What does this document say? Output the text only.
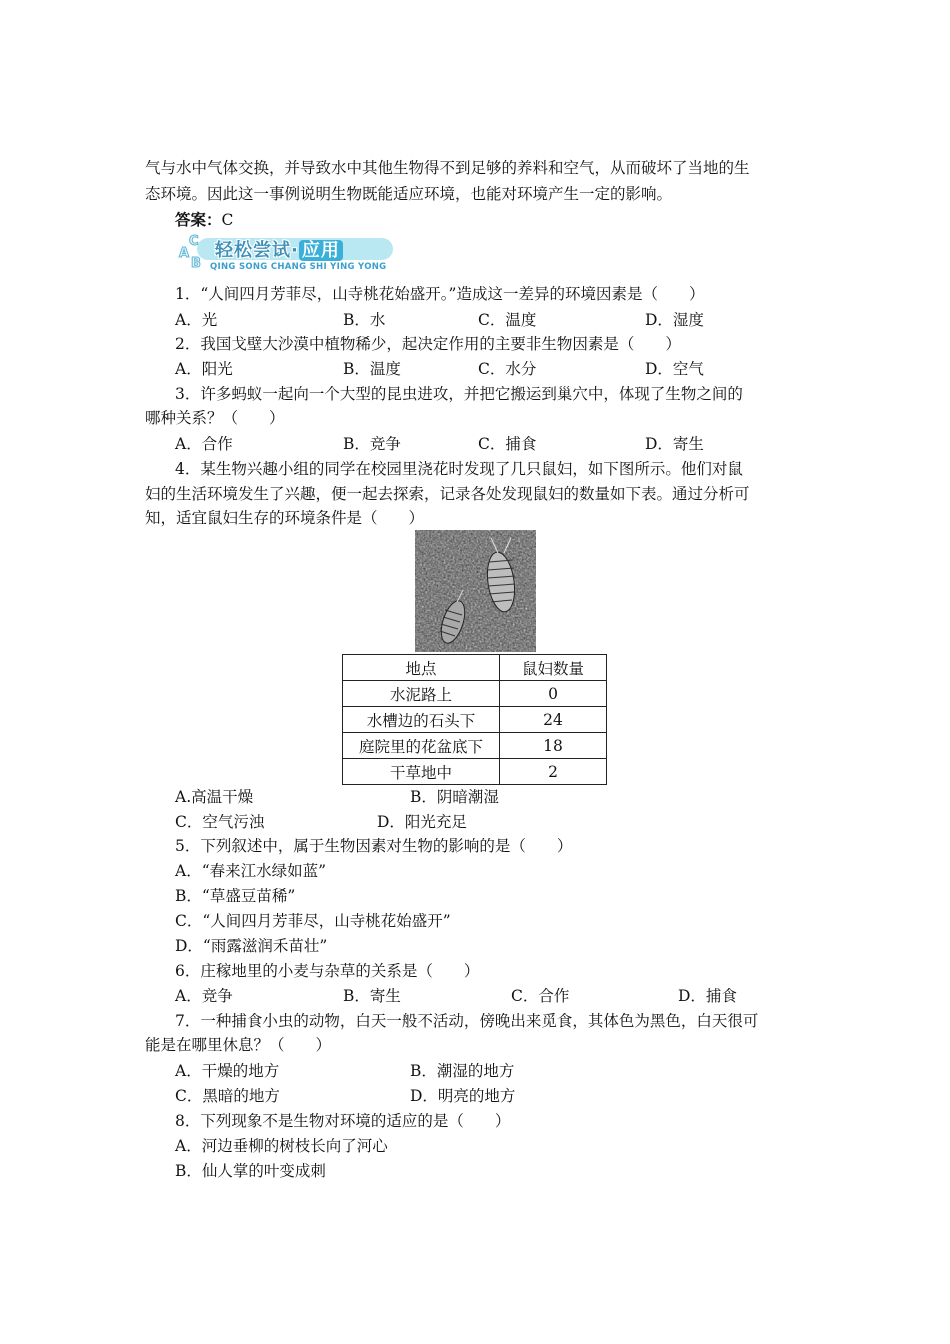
气与水中气体交换，并导致水中其他生物得不到足够的养料和空气，从而破坏了当地的生
态环境。因此这一事例说明生物既能适应环境，也能对环境产生一定的影响。
答案：C
A
B
C 轻松尝试· 应用
QING SONG CHANG SHI YING YONG
1．“人间四月芳菲尽，山寺桃花始盛开。”造成这一差异的环境因素是（　　）
A．光	B．水	C．温度	D．湿度
2．我国戈壁大沙漠中植物稀少，起决定作用的主要非生物因素是（　　）
A．阳光	B．温度	C．水分	D．空气
3．许多蚂蚁一起向一个大型的昆虫进攻，并把它搬运到巢穴中，体现了生物之间的
哪种关系？（　　）
A．合作	B．竞争	C．捕食	D．寄生
4．某生物兴趣小组的同学在校园里浇花时发现了几只鼠妇，如下图所示。他们对鼠
妇的生活环境发生了兴趣，便一起去探索，记录各处发现鼠妇的数量如下表。通过分析可
知，适宜鼠妇生存的环境条件是（　　）
地点	鼠妇数量
水泥路上	0
水槽边的石头下	24
庭院里的花盆底下	18
干草地中	2
A.高温干燥	B．阴暗潮湿
C．空气污浊	D．阳光充足
5．下列叙述中，属于生物因素对生物的影响的是（　　）
A．“春来江水绿如蓝”
B．“草盛豆苗稀”
C．“人间四月芳菲尽，山寺桃花始盛开”
D．“雨露滋润禾苗壮”
6．庄稼地里的小麦与杂草的关系是（　　）
A．竞争	B．寄生	C．合作	D．捕食
7．一种捕食小虫的动物，白天一般不活动，傍晚出来觅食，其体色为黑色，白天很可
能是在哪里休息？（　　）
A．干燥的地方	B．潮湿的地方
C．黑暗的地方	D．明亮的地方
8．下列现象不是生物对环境的适应的是（　　）
A．河边垂柳的树枝长向了河心
B．仙人掌的叶变成刺
